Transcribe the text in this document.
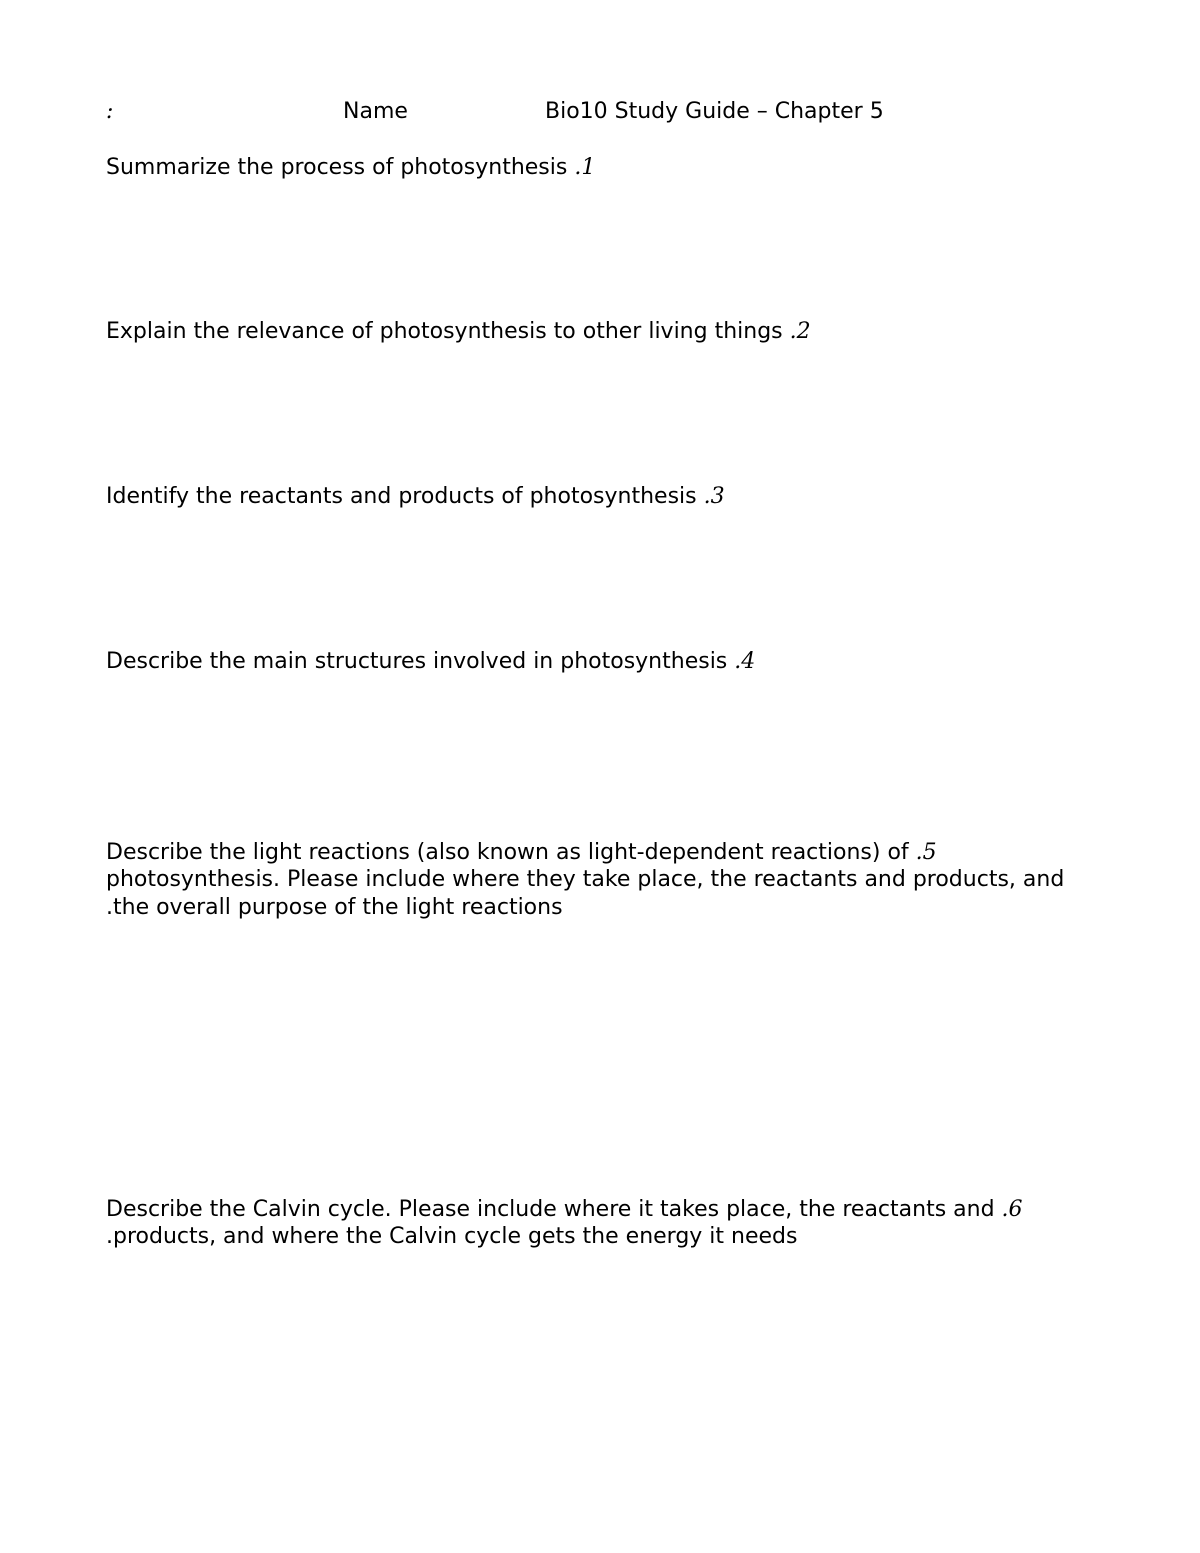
:	Name	Bio10 Study Guide – Chapter 5
Summarize the process of photosynthesis .1
Explain the relevance of photosynthesis to other living things .2
Identify the reactants and products of photosynthesis .3
Describe the main structures involved in photosynthesis .4
Describe the light reactions (also known as light-dependent reactions) of .5
photosynthesis. Please include where they take place, the reactants and products, and
.the overall purpose of the light reactions
Describe the Calvin cycle. Please include where it takes place, the reactants and .6
.products, and where the Calvin cycle gets the energy it needs
